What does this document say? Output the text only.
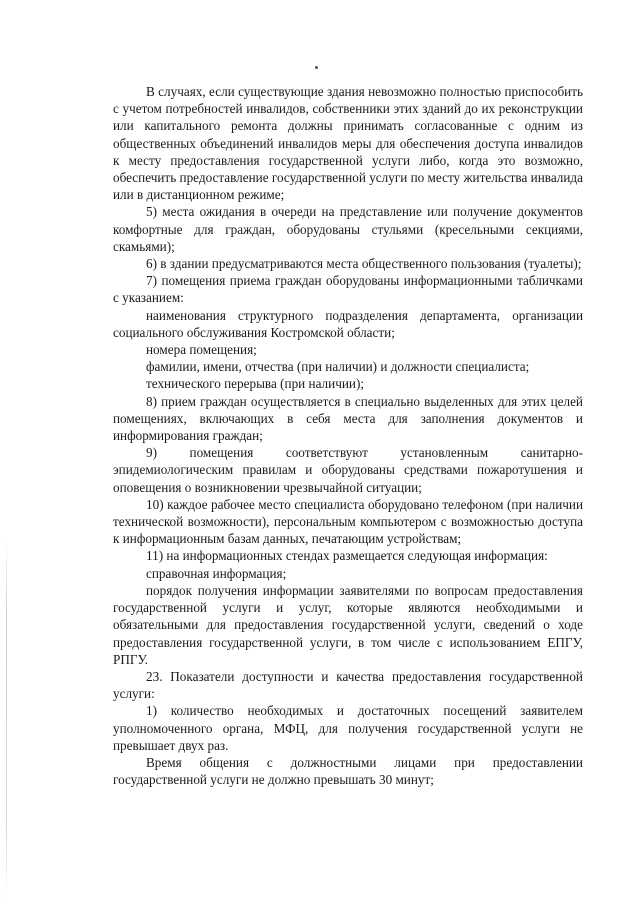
В случаях, если существующие здания невозможно полностью приспособить с учетом потребностей инвалидов, собственники этих зданий до их реконструкции или капитального ремонта должны принимать согласованные с одним из общественных объединений инвалидов меры для обеспечения доступа инвалидов к месту предоставления государственной услуги либо, когда это возможно, обеспечить предоставление государственной услуги по месту жительства инвалида или в дистанционном режиме;

5) места ожидания в очереди на представление или получение документов комфортные для граждан, оборудованы стульями (кресельными секциями, скамьями);

6) в здании предусматриваются места общественного пользования (туалеты);

7) помещения приема граждан оборудованы информационными табличками с указанием:

наименования структурного подразделения департамента, организации социального обслуживания Костромской области;

номера помещения;

фамилии, имени, отчества (при наличии) и должности специалиста;

технического перерыва (при наличии);

8) прием граждан осуществляется в специально выделенных для этих целей помещениях, включающих в себя места для заполнения документов и информирования граждан;

9) помещения соответствуют установленным санитарно-эпидемиологическим правилам и оборудованы средствами пожаротушения и оповещения о возникновении чрезвычайной ситуации;

10) каждое рабочее место специалиста оборудовано телефоном (при наличии технической возможности), персональным компьютером с возможностью доступа к информационным базам данных, печатающим устройствам;

11) на информационных стендах размещается следующая информация:

справочная информация;

порядок получения информации заявителями по вопросам предоставления государственной услуги и услуг, которые являются необходимыми и обязательными для предоставления государственной услуги, сведений о ходе предоставления государственной услуги, в том числе с использованием ЕПГУ, РПГУ.

23. Показатели доступности и качества предоставления государственной услуги:

1) количество необходимых и достаточных посещений заявителем уполномоченного органа, МФЦ, для получения государственной услуги не превышает двух раз.

Время общения с должностными лицами при предоставлении государственной услуги не должно превышать 30 минут;
